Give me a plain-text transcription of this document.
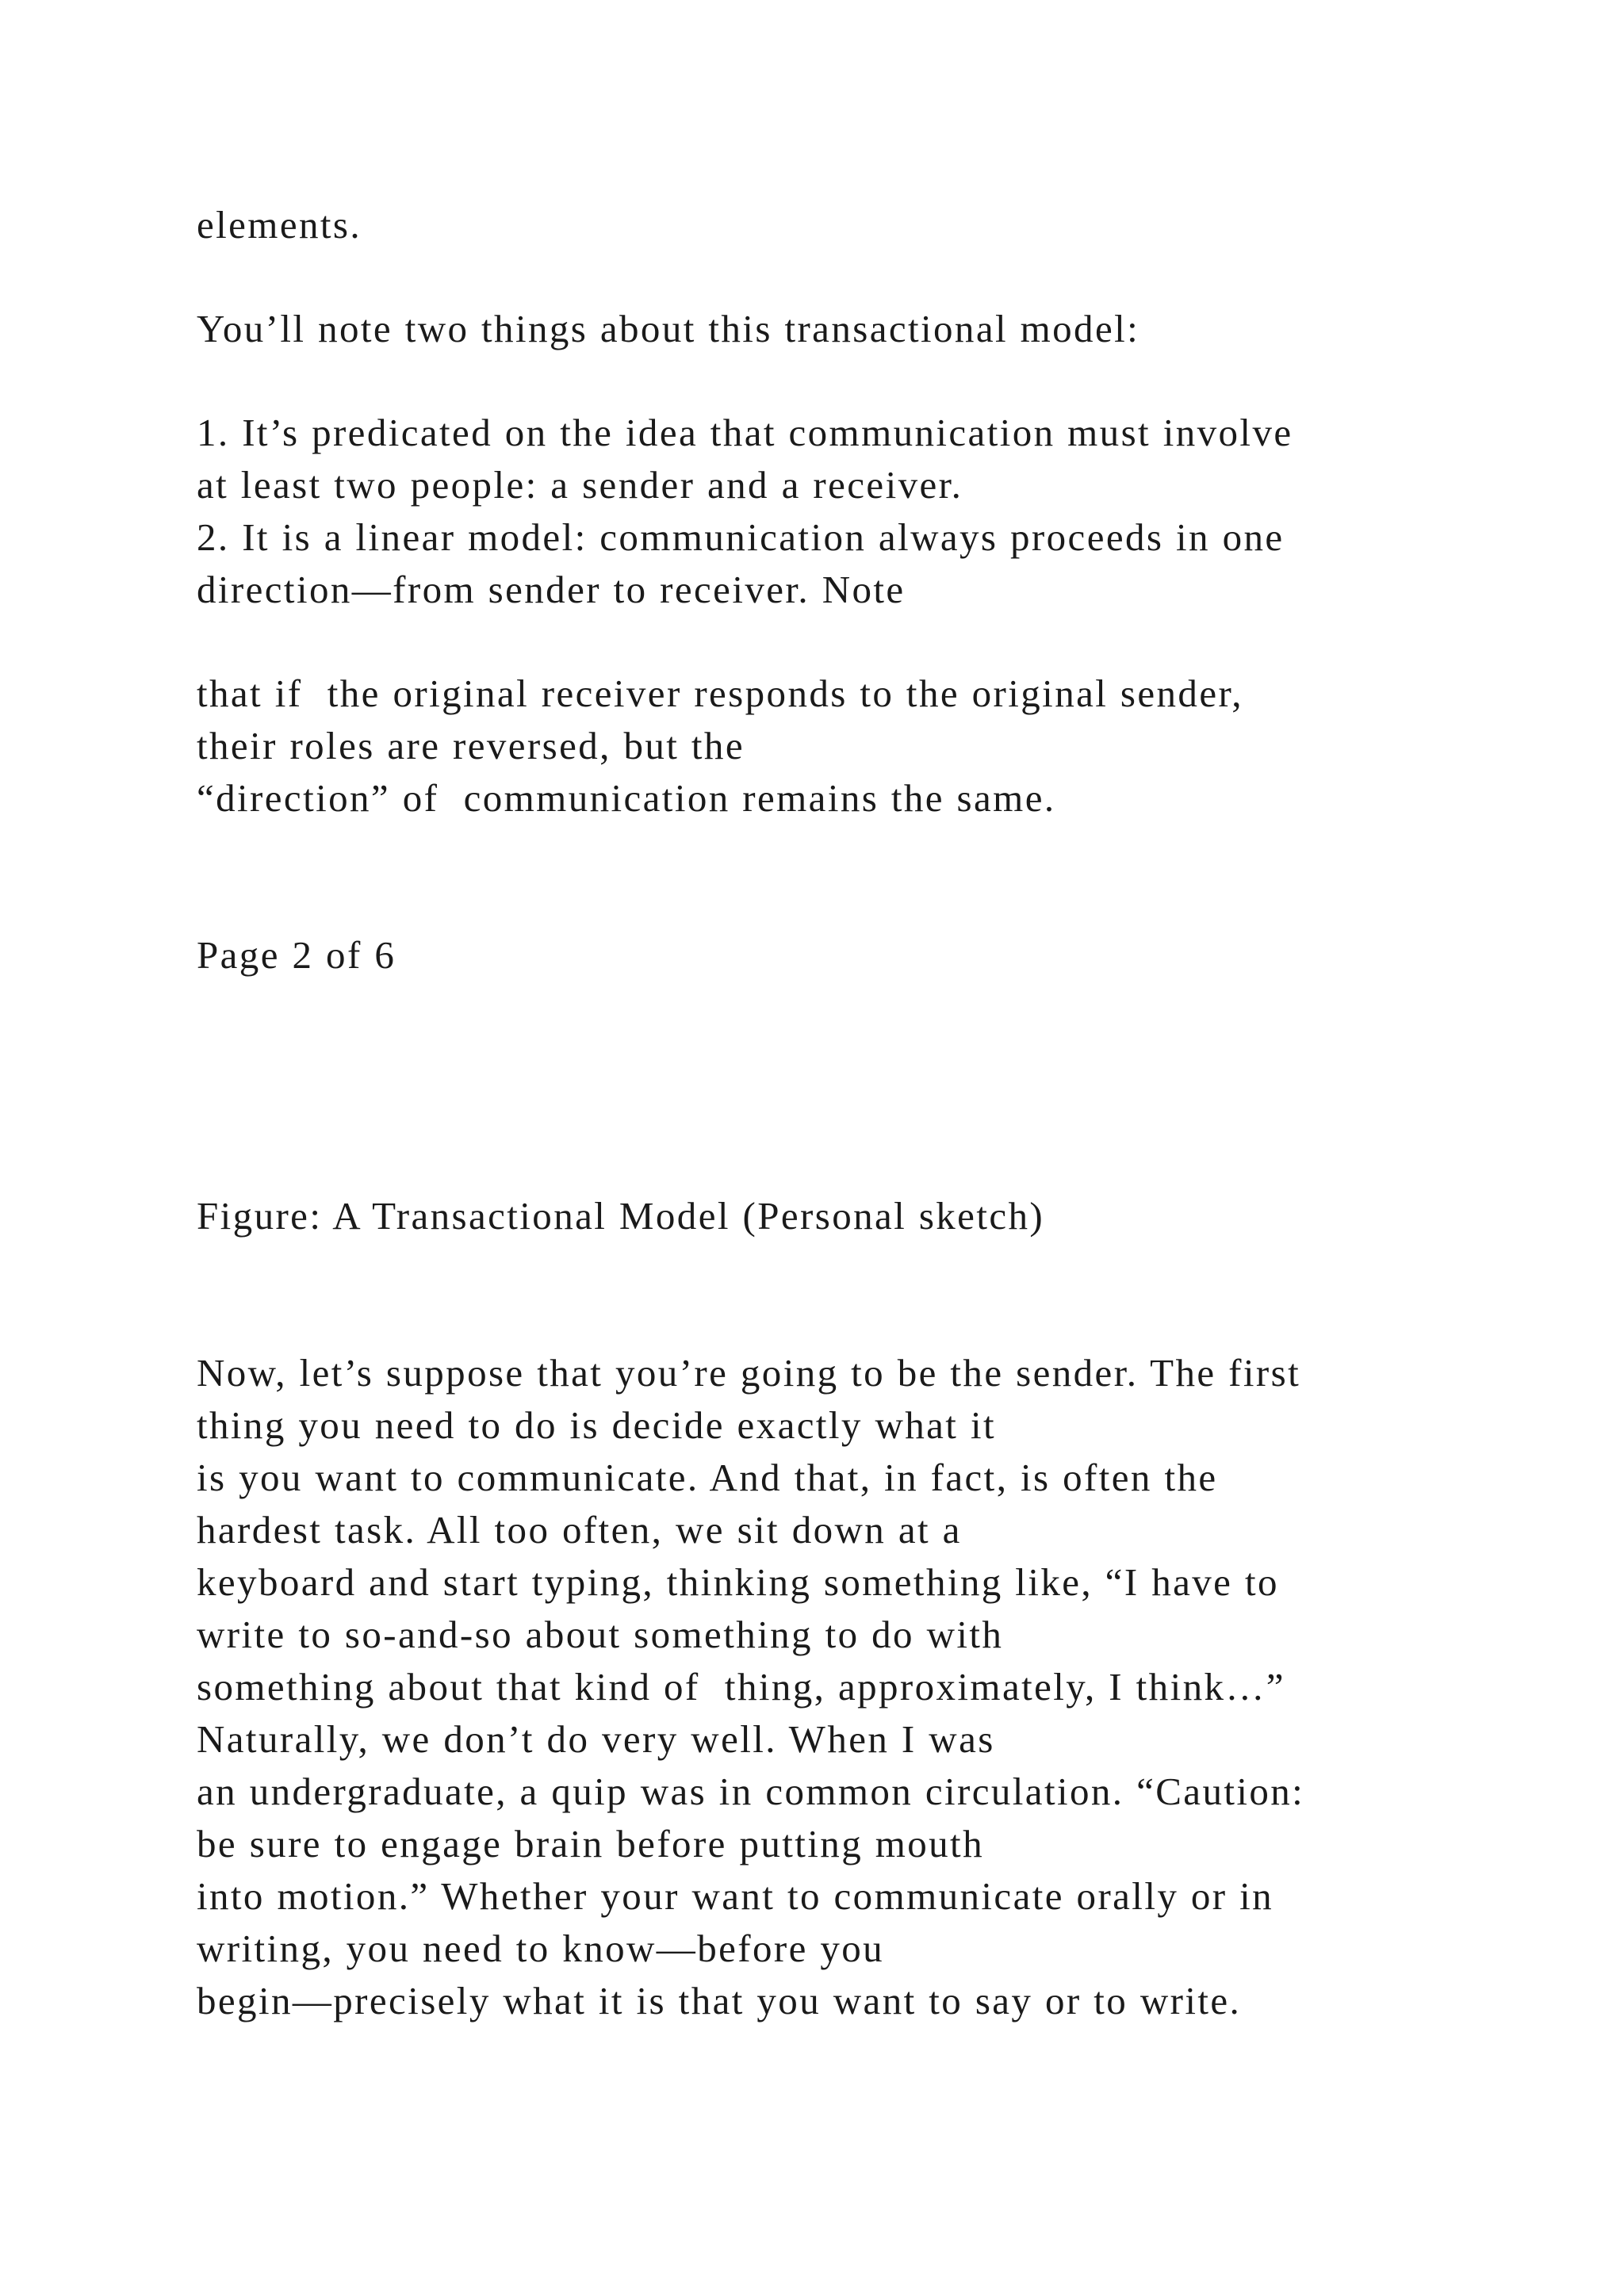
elements.
You’ll note two things about this transactional model:
1. It’s predicated on the idea that communication must involve
at least two people: a sender and a receiver.
2. It is a linear model: communication always proceeds in one
direction—from sender to receiver. Note
that if  the original receiver responds to the original sender,
their roles are reversed, but the
“direction” of  communication remains the same.
Page 2 of 6
Figure: A Transactional Model (Personal sketch)
Now, let’s suppose that you’re going to be the sender. The first
thing you need to do is decide exactly what it
is you want to communicate. And that, in fact, is often the
hardest task. All too often, we sit down at a
keyboard and start typing, thinking something like, “I have to
write to so-and-so about something to do with
something about that kind of  thing, approximately, I think…”
Naturally, we don’t do very well. When I was
an undergraduate, a quip was in common circulation. “Caution:
be sure to engage brain before putting mouth
into motion.” Whether your want to communicate orally or in
writing, you need to know—before you
begin—precisely what it is that you want to say or to write.
